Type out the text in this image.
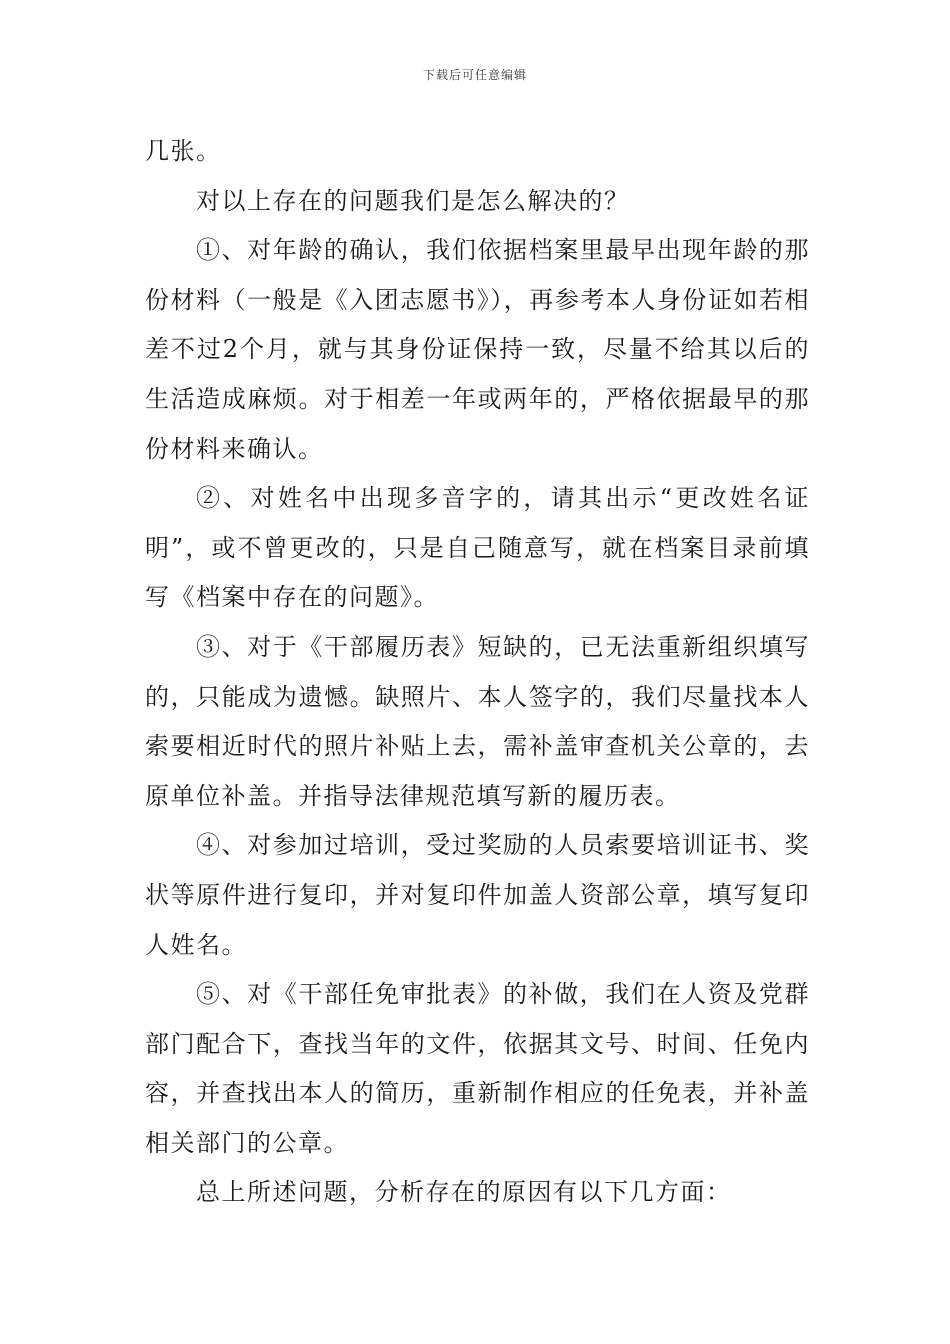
下载后可任意编辑

几张。

对以上存在的问题我们是怎么解决的？

①、对年龄的确认，我们依据档案里最早出现年龄的那份材料（一般是《入团志愿书》），再参考本人身份证如若相差不过2个月，就与其身份证保持一致，尽量不给其以后的生活造成麻烦。对于相差一年或两年的，严格依据最早的那份材料来确认。

②、对姓名中出现多音字的，请其出示“更改姓名证明”，或不曾更改的，只是自己随意写，就在档案目录前填写《档案中存在的问题》。

③、对于《干部履历表》短缺的，已无法重新组织填写的，只能成为遗憾。缺照片、本人签字的，我们尽量找本人索要相近时代的照片补贴上去，需补盖审查机关公章的，去原单位补盖。并指导法律规范填写新的履历表。

④、对参加过培训，受过奖励的人员索要培训证书、奖状等原件进行复印，并对复印件加盖人资部公章，填写复印人姓名。

⑤、对《干部任免审批表》的补做，我们在人资及党群部门配合下，查找当年的文件，依据其文号、时间、任免内容，并查找出本人的简历，重新制作相应的任免表，并补盖相关部门的公章。

总上所述问题，分析存在的原因有以下几方面：
